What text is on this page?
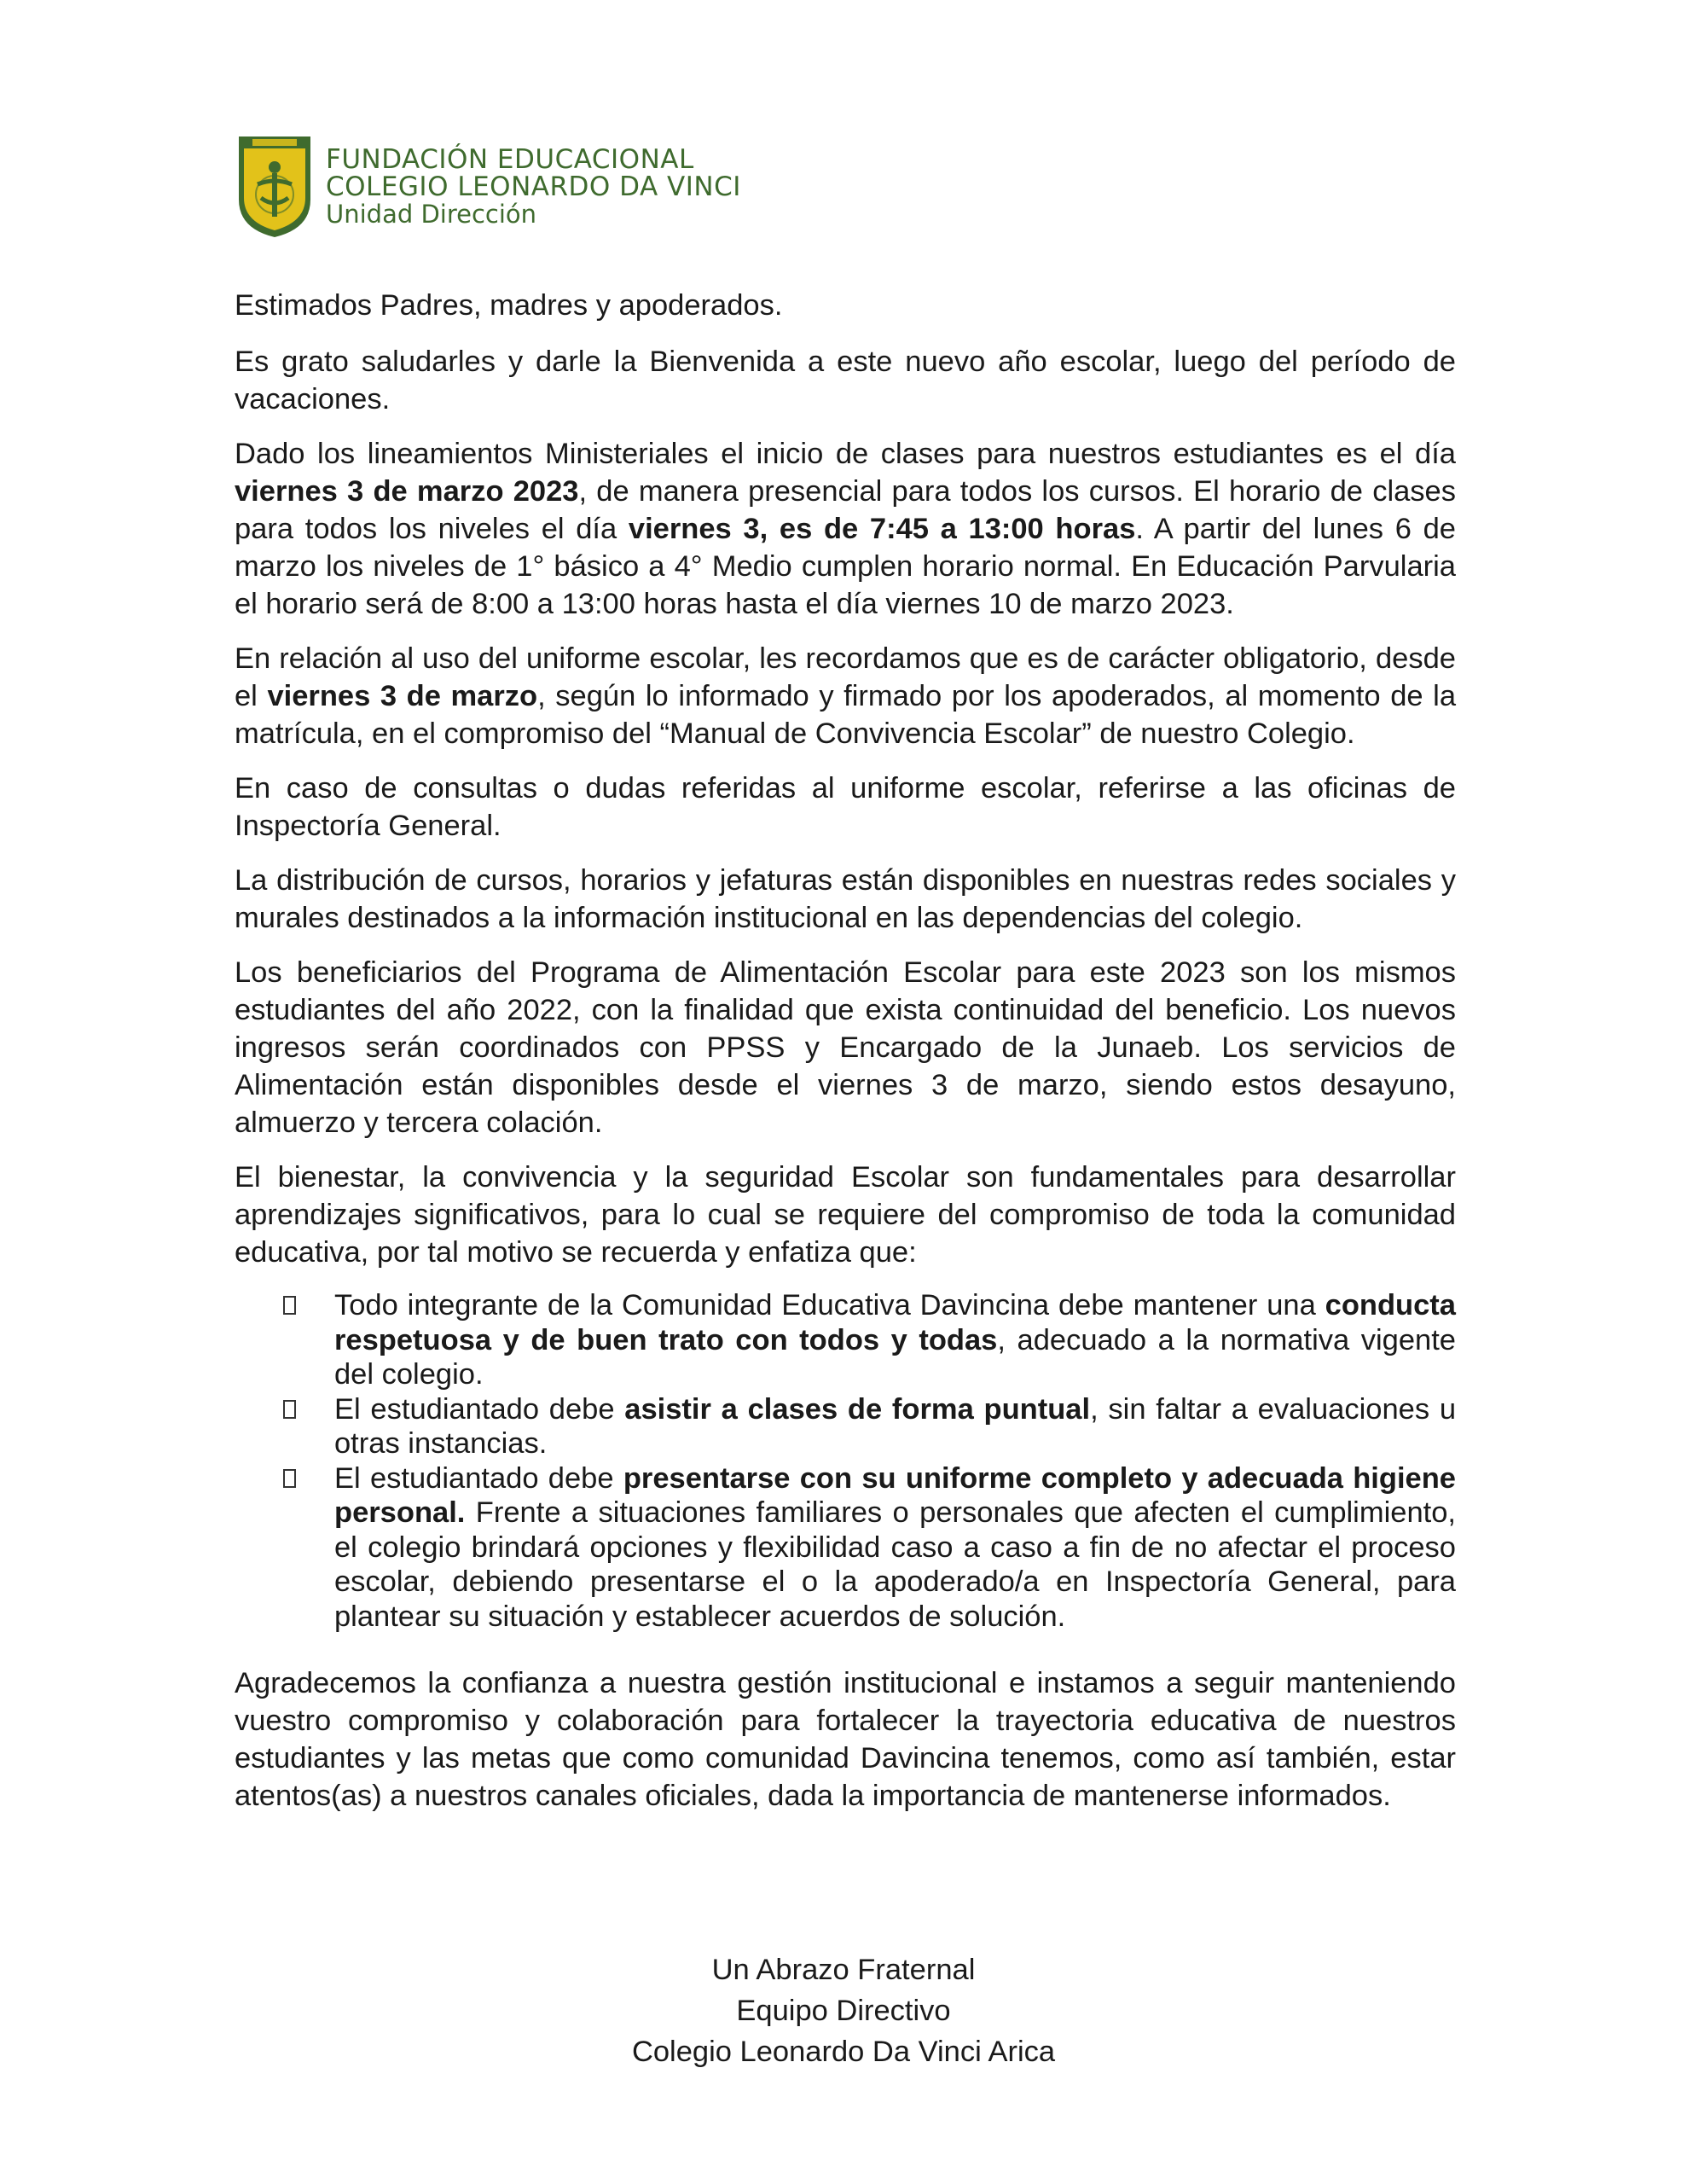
FUNDACIÓN EDUCACIONAL
COLEGIO LEONARDO DA VINCI
Unidad Dirección

Estimados Padres, madres y apoderados.

Es grato saludarles y darle la Bienvenida a este nuevo año escolar, luego del período de vacaciones.

Dado los lineamientos Ministeriales el inicio de clases para nuestros estudiantes es el día viernes 3 de marzo 2023, de manera presencial para todos los cursos. El horario de clases para todos los niveles el día viernes 3, es de 7:45 a 13:00 horas. A partir del lunes 6 de marzo los niveles de 1° básico a 4° Medio cumplen horario normal. En Educación Parvularia el horario será de 8:00 a 13:00 horas hasta el día viernes 10 de marzo 2023.

En relación al uso del uniforme escolar, les recordamos que es de carácter obligatorio, desde el viernes 3 de marzo, según lo informado y firmado por los apoderados, al momento de la matrícula, en el compromiso del “Manual de Convivencia Escolar” de nuestro Colegio.

En caso de consultas o dudas referidas al uniforme escolar, referirse a las oficinas de Inspectoría General.

La distribución de cursos, horarios y jefaturas están disponibles en nuestras redes sociales y murales destinados a la información institucional en las dependencias del colegio.

Los beneficiarios del Programa de Alimentación Escolar para este 2023 son los mismos estudiantes del año 2022, con la finalidad que exista continuidad del beneficio. Los nuevos ingresos serán coordinados con PPSS y Encargado de la Junaeb. Los servicios de Alimentación están disponibles desde el viernes 3 de marzo, siendo estos desayuno, almuerzo y tercera colación.

El bienestar, la convivencia y la seguridad Escolar son fundamentales para desarrollar aprendizajes significativos, para lo cual se requiere del compromiso de toda la comunidad educativa, por tal motivo se recuerda y enfatiza que:

Todo integrante de la Comunidad Educativa Davincina debe mantener una conducta respetuosa y de buen trato con todos y todas, adecuado a la normativa vigente del colegio.
El estudiantado debe asistir a clases de forma puntual, sin faltar a evaluaciones u otras instancias.
El estudiantado debe presentarse con su uniforme completo y adecuada higiene personal. Frente a situaciones familiares o personales que afecten el cumplimiento, el colegio brindará opciones y flexibilidad caso a caso a fin de no afectar el proceso escolar, debiendo presentarse el o la apoderado/a en Inspectoría General, para plantear su situación y establecer acuerdos de solución.

Agradecemos la confianza a nuestra gestión institucional e instamos a seguir manteniendo vuestro compromiso y colaboración para fortalecer la trayectoria educativa de nuestros estudiantes y las metas que como comunidad Davincina tenemos, como así también, estar atentos(as) a nuestros canales oficiales, dada la importancia de mantenerse informados.

Un Abrazo Fraternal
Equipo Directivo
Colegio Leonardo Da Vinci Arica
